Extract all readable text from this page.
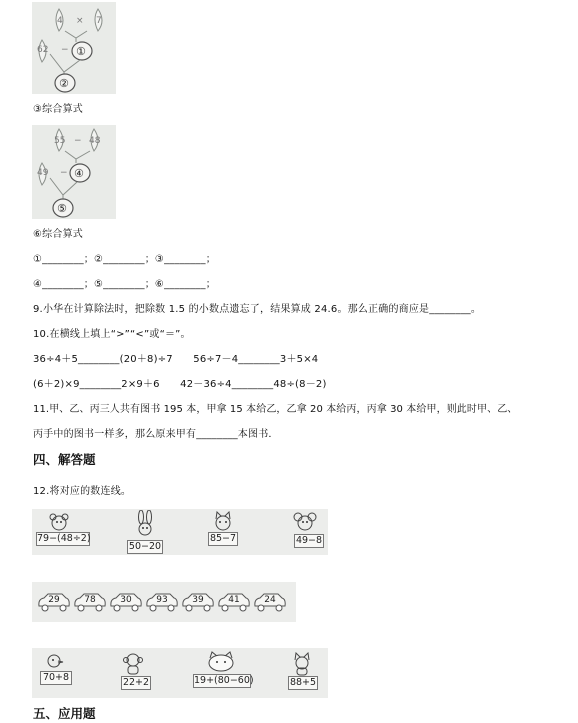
4 × 7
62 − ①
②
③综合算式
55 − 48
49 − ④
⑤
⑥综合算式
①________；②________；③________；
④________；⑤________；⑥________；
9.小华在计算除法时，把除数 1.5 的小数点遗忘了，结果算成 24.6。那么正确的商应是________。
10.在横线上填上“>”“<”或“＝”。
36÷4＋5________(20＋8)÷7　　56÷7－4________3＋5×4
(6＋2)×9________2×9＋6　　42－36÷4________48÷(8－2)
11.甲、乙、丙三人共有图书 195 本，甲拿 15 本给乙，乙拿 20 本给丙，丙拿 30 本给甲，则此时甲、乙、
丙手中的图书一样多，那么原来甲有________本图书．
四、解答题
12.将对应的数连线。
79−(48÷2)
50−20
85−7	49−8
29	78	30	93	39	41	24
70+8	22+2	19+(80−60)	88+5
五、应用题
